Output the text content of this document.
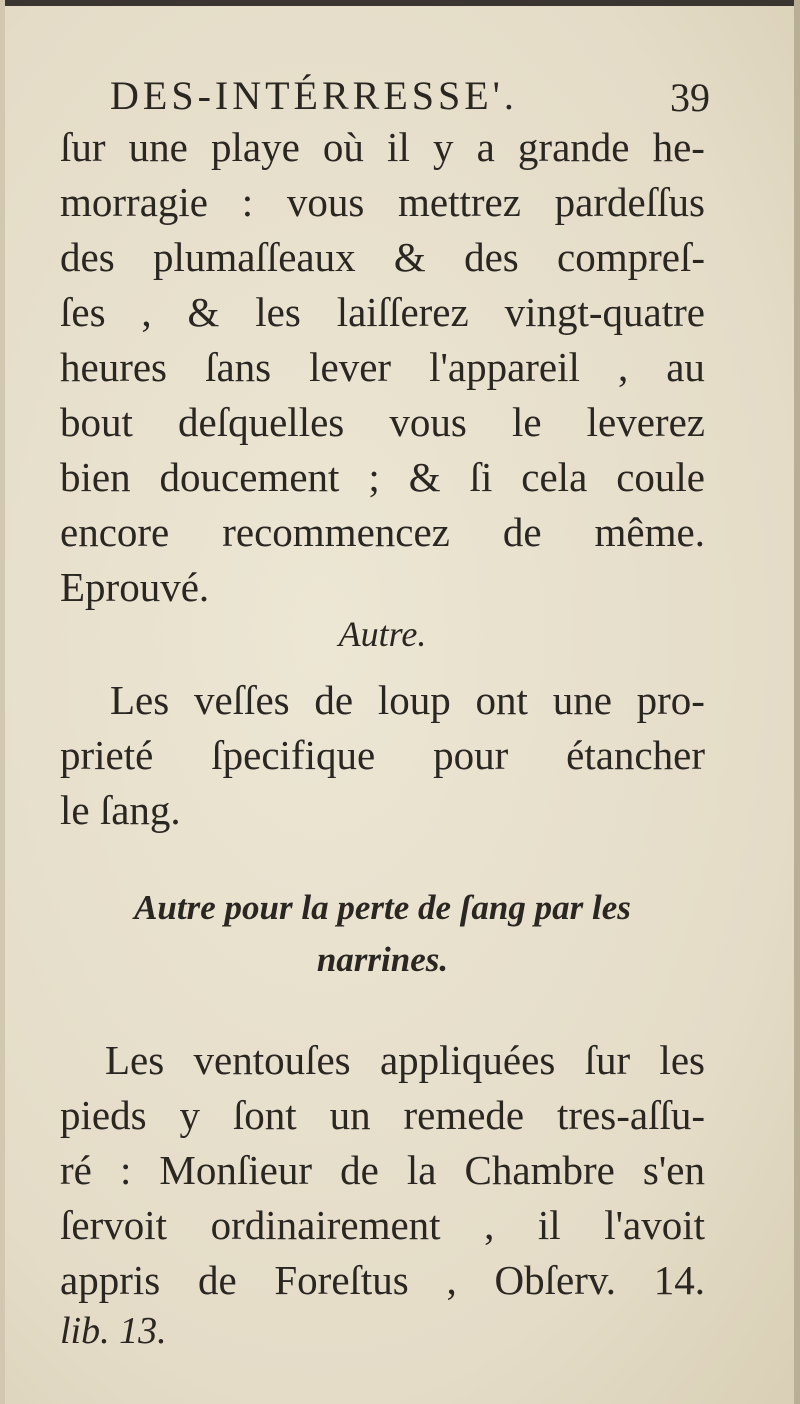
DES-INTÉRRESSE'.	39
ſur une playe où il y a grande he-
morragie : vous mettrez pardeſſus
des plumaſſeaux & des compreſ-
ſes , & les laiſſerez vingt-quatre
heures ſans lever l'appareil , au
bout deſquelles vous le leverez
bien doucement ; & ſi cela coule
encore recommencez de même.
Eprouvé.
Autre.
Les veſſes de loup ont une pro-
prieté ſpecifique pour étancher
le ſang.
Autre pour la perte de ſang par les
narrines.
Les ventouſes appliquées ſur les
pieds y ſont un remede tres-aſſu-
ré : Monſieur de la Chambre s'en
ſervoit ordinairement , il l'avoit
appris de Foreſtus , Obſerv. 14.
lib. 13.
